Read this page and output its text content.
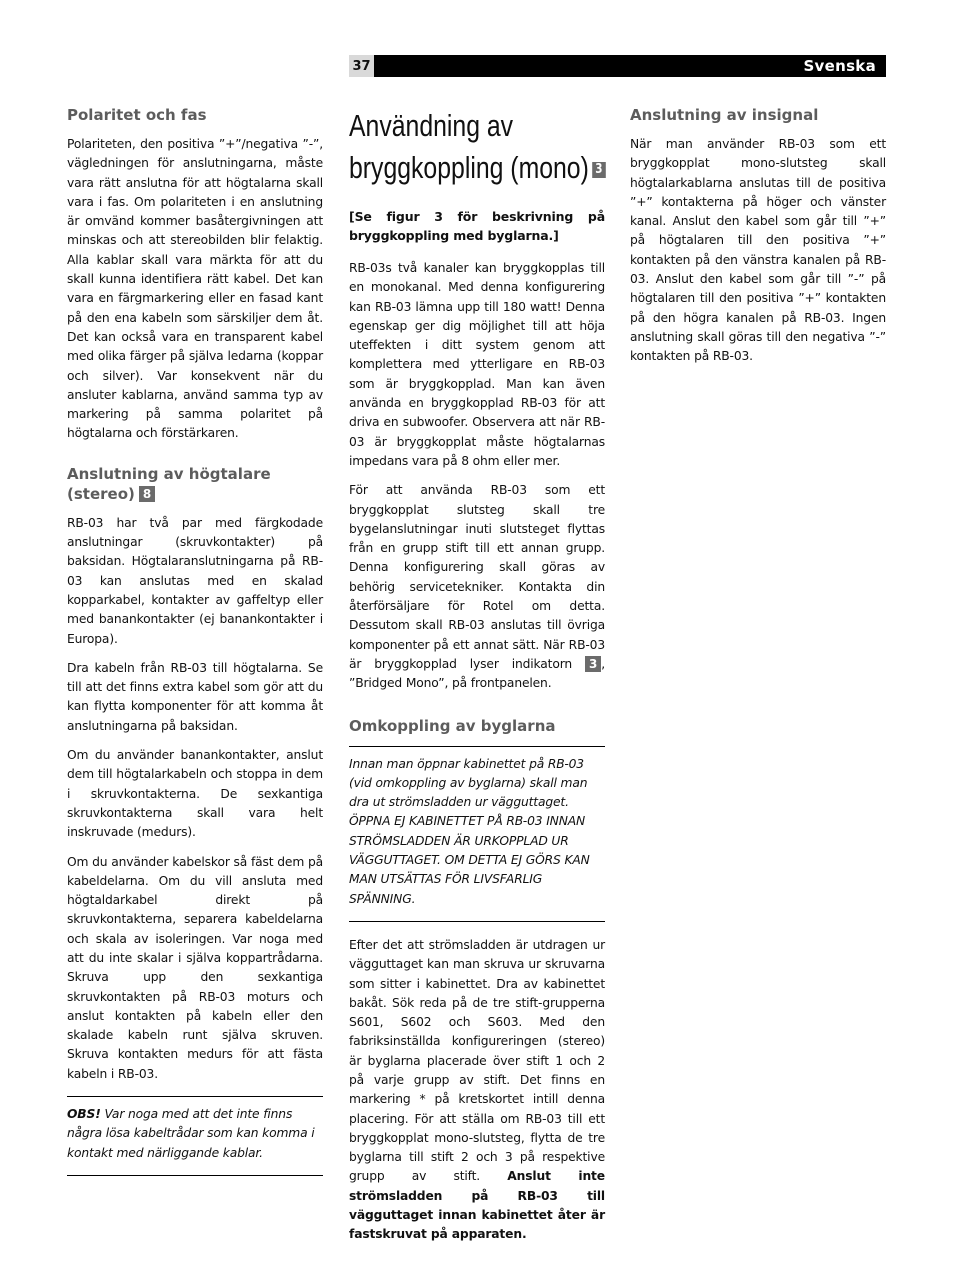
37	Svenska
Polaritet och fas

Polariteten, den positiva ”+”/negativa ”-”, vägledningen för anslutningarna, måste vara rätt anslutna för att högtalarna skall vara i fas. Om polariteten i en anslutning är omvänd kommer basåtergivningen att minskas och att stereobilden blir felaktig. Alla kablar skall vara märkta för att du skall kunna identifiera rätt kabel. Det kan vara en färgmarkering eller en fasad kant på den ena kabeln som särskiljer dem åt. Det kan också vara en transparent kabel med olika färger på själva ledarna (koppar och silver). Var konsekvent när du ansluter kablarna, använd samma typ av markering på samma polaritet på högtalarna och förstärkaren.

Anslutning av högtalare (stereo) 8

RB-03 har två par med färgkodade anslutningar (skruvkontakter) på baksidan. Högtalaranslutningarna på RB-03 kan anslutas med en skalad kopparkabel, kontakter av gaffeltyp eller med banankontakter (ej banankontakter i Europa).

Dra kabeln från RB-03 till högtalarna. Se till att det finns extra kabel som gör att du kan flytta komponenter för att komma åt anslutningarna på baksidan.

Om du använder banankontakter, anslut dem till högtalarkabeln och stoppa in dem i skruvkontakterna. De sexkantiga skruvkontakterna skall vara helt inskruvade (medurs).

Om du använder kabelskor så fäst dem på kabeldelarna. Om du vill ansluta med högtaldarkabel direkt på skruvkontakterna, separera kabeldelarna och skala av isoleringen. Var noga med att du inte skalar i själva koppartrådarna. Skruva upp den sexkantiga skruvkontakten på RB-03 moturs och anslut kontakten på kabeln eller den skalade kabeln runt själva skruven. Skruva kontakten medurs för att fästa kabeln i RB-03.

OBS! Var noga med att det inte finns några lösa kabeltrådar som kan komma i kontakt med närliggande kablar.

Användning av
bryggkoppling (mono) 3

[Se figur 3 för beskrivning på bryggkoppling med byglarna.]

RB-03s två kanaler kan bryggkopplas till en monokanal. Med denna konfigurering kan RB-03 lämna upp till 180 watt! Denna egenskap ger dig möjlighet till att höja uteffekten i ditt system genom att komplettera med ytterligare en RB-03 som är bryggkopplad. Man kan även använda en bryggkopplad RB-03 för att driva en subwoofer. Observera att när RB-03 är bryggkopplat måste högtalarnas impedans vara på 8 ohm eller mer.

För att använda RB-03 som ett bryggkopplat slutsteg skall tre bygelanslutningar inuti slutsteget flyttas från en grupp stift till ett annan grupp. Denna konfigurering skall göras av behörig servicetekniker. Kontakta din återförsäljare för Rotel om detta. Dessutom skall RB-03 anslutas till övriga komponenter på ett annat sätt. När RB-03 är bryggkopplad lyser indikatorn 3 , ”Bridged Mono”, på frontpanelen.

Omkoppling av byglarna

Innan man öppnar kabinettet på RB-03 (vid omkoppling av byglarna) skall man dra ut strömsladden ur vägguttaget. ÖPPNA EJ KABINETTET PÅ RB-03 INNAN STRÖMSLADDEN ÄR URKOPPLAD UR VÄGGUTTAGET. OM DETTA EJ GÖRS KAN MAN UTSÄTTAS FÖR LIVSFARLIG SPÄNNING.

Efter det att strömsladden är utdragen ur vägguttaget kan man skruva ur skruvarna som sitter i kabinettet. Dra av kabinettet bakåt. Sök reda på de tre stift-grupperna S601, S602 och S603. Med den fabriksinställda konfigureringen (stereo) är byglarna placerade över stift 1 och 2 på varje grupp av stift. Det finns en markering * på kretskortet intill denna placering. För att ställa om RB-03 till ett bryggkopplat mono-slutsteg, flytta de tre byglarna till stift 2 och 3 på respektive grupp av stift. Anslut inte strömsladden på RB-03 till vägguttaget innan kabinettet åter är fastskruvat på apparaten.

Anslutning av insignal

När man använder RB-03 som ett bryggkopplat mono-slutsteg skall högtalarkablarna anslutas till de positiva ”+” kontakterna på höger och vänster kanal. Anslut den kabel som går till ”+” på högtalaren till den positiva ”+” kontakten på den vänstra kanalen på RB-03. Anslut den kabel som går till ”-” på högtalaren till den positiva ”+” kontakten på den högra kanalen på RB-03. Ingen anslutning skall göras till den negativa ”-” kontakten på RB-03.
